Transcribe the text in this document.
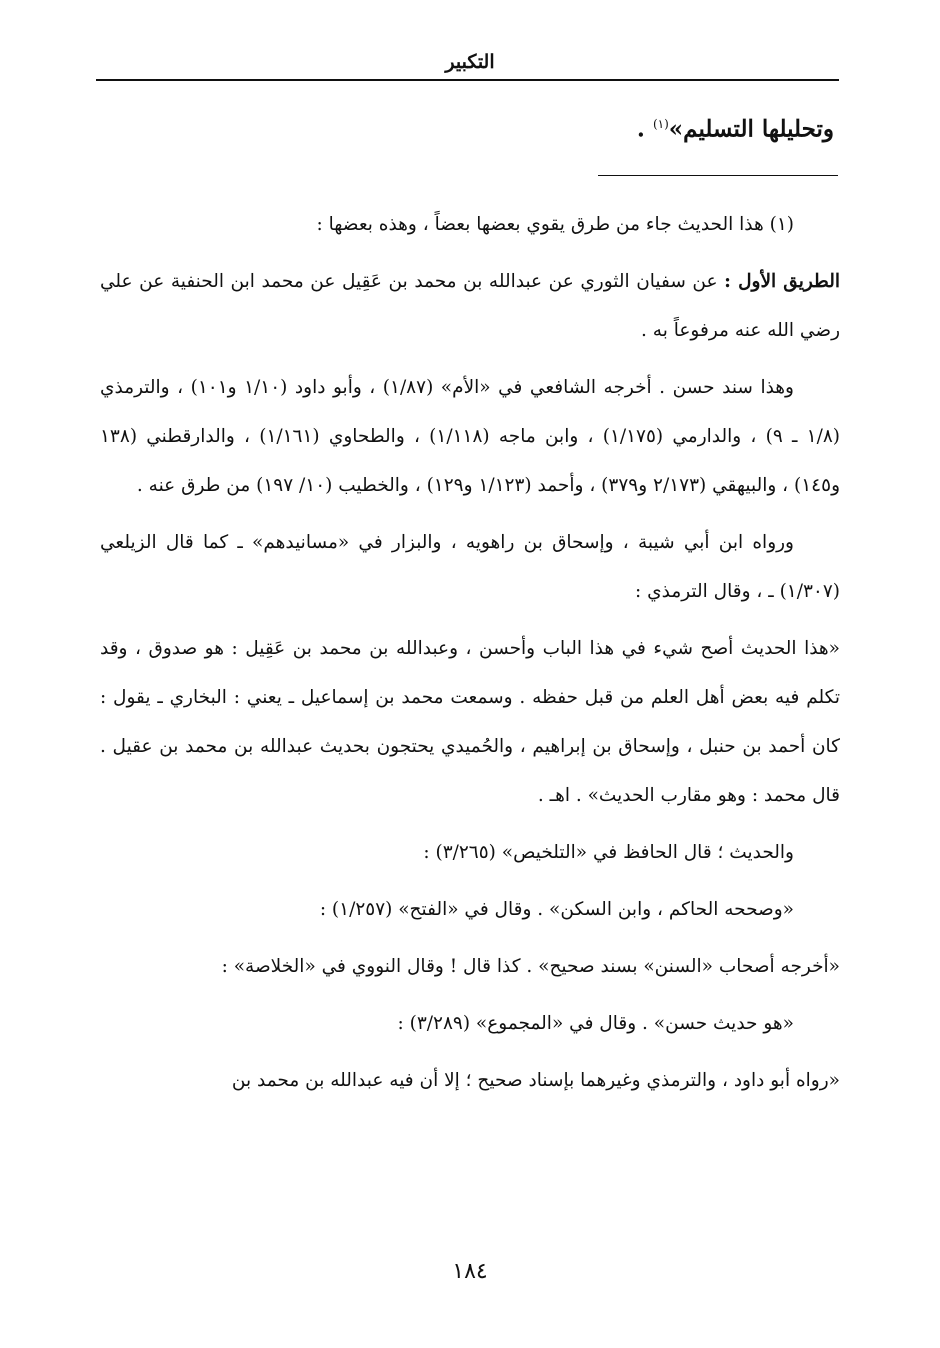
التكبير
وتحليلها التسليم»$^{(١)}$ .

(١) هذا الحديث جاء من طرق يقوي بعضها بعضاً ، وهذه بعضها :

الطريق الأول : عن سفيان الثوري عن عبدالله بن محمد بن عَقِيل عن محمد ابن الحنفية عن علي رضي الله عنه مرفوعاً به .

وهذا سند حسن . أخرجه الشافعي في «الأم» (١/٨٧) ، وأبو داود (١/١٠ و١٠١) ، والترمذي (١/٨ ـ ٩) ، والدارمي (١/١٧٥) ، وابن ماجه (١/١١٨) ، والطحاوي (١/١٦١) ، والدارقطني (١٣٨ و١٤٥) ، والبيهقي (٢/١٧٣ و٣٧٩) ، وأحمد (١/١٢٣ و١٢٩) ، والخطيب (١٠/ ١٩٧) من طرق عنه .

ورواه ابن أبي شيبة ، وإسحاق بن راهويه ، والبزار في «مسانيدهم» ـ كما قال الزيلعي (١/٣٠٧) ـ ، وقال الترمذي :

«هذا الحديث أصح شيء في هذا الباب وأحسن ، وعبدالله بن محمد بن عَقِيل : هو صدوق ، وقد تكلم فيه بعض أهل العلم من قبل حفظه . وسمعت محمد بن إسماعيل ـ يعني : البخاري ـ يقول : كان أحمد بن حنبل ، وإسحاق بن إبراهيم ، والحُميدي يحتجون بحديث عبدالله بن محمد بن عقيل . قال محمد : وهو مقارب الحديث» . اهـ .

والحديث ؛ قال الحافظ في «التلخيص» (٣/٢٦٥) :

«وصححه الحاكم ، وابن السكن» . وقال في «الفتح» (١/٢٥٧) :

«أخرجه أصحاب «السنن» بسند صحيح» . كذا قال ! وقال النووي في «الخلاصة» :

«هو حديث حسن» . وقال في «المجموع» (٣/٢٨٩) :

«رواه أبو داود ، والترمذي وغيرهما بإسناد صحيح ؛ إلا أن فيه عبدالله بن محمد بن

١٨٤
